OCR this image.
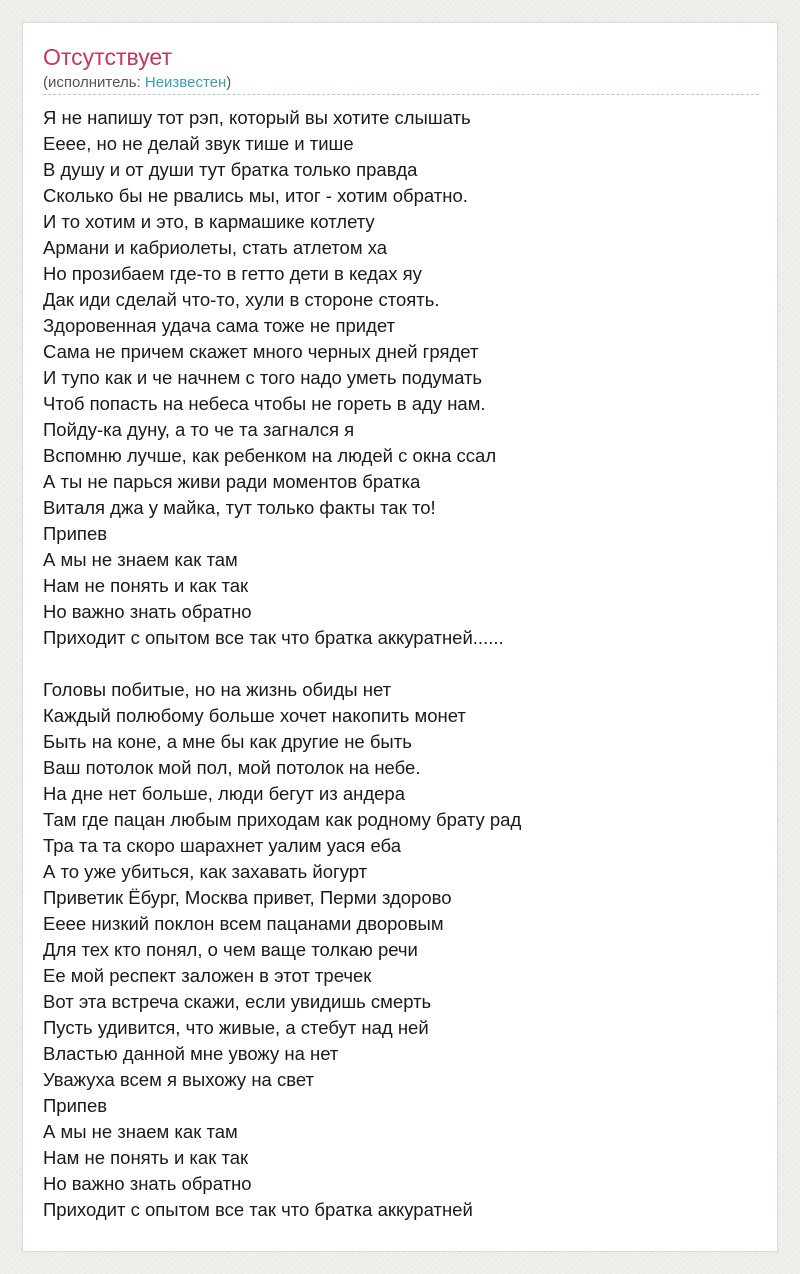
Отсутствует
(исполнитель: Неизвестен)
Я не напишу тот рэп, который вы хотите слышать
Еееe, но не делай звук тише и тише
В душу и от души тут братка только правда
Сколько бы не рвались мы, итог - хотим обратно.
И то хотим и это, в кармашике котлету
Армани и кабриолеты, стать атлетом ха
Но прозибаем где-то в гетто дети в кедах яу
Дак иди сделай что-то, хули в стороне стоять.
Здоровенная удача сама тоже не придет
Сама не причем скажет много черных дней грядет
И тупо как и че начнем с того надо уметь подумать
Чтоб попасть на небеса чтобы не гореть в аду нам.
Пойду-ка дуну, а то че та загнался я
Вспомню лучше, как ребенком на людей с окна ссал
А ты не парься живи ради моментов братка
Виталя джа у майка, тут только факты так то!
Припев
А мы не знаем как там
Нам не понять и как так
Но важно знать обратно
Приходит с опытом все так что братка аккуратней......
Головы побитые, но на жизнь обиды нет
Каждый полюбому больше хочет накопить монет
Быть на коне, а мне бы как другие не быть
Ваш потолок мой пол, мой потолок на небе.
На дне нет больше, люди бегут из андера
Там где пацан любым приходам как родному брату рад
Тра та та скоро шарахнет уалим уася еба
А то уже убиться, как захавать йогурт
Приветик Ёбург, Москва привет, Перми здорово
Еееe низкий поклон всем пацанами дворовым
Для тех кто понял, о чем ваще толкаю речи
Ее мой респект заложен в этот тречек
Вот эта встреча скажи, если увидишь смерть
Пусть удивится, что живые, а стебут над ней
Властью данной мне увожу на нет
Уважуха всем я выхожу на свет
Припев
А мы не знаем как там
Нам не понять и как так
Но важно знать обратно
Приходит с опытом все так что братка аккуратней
